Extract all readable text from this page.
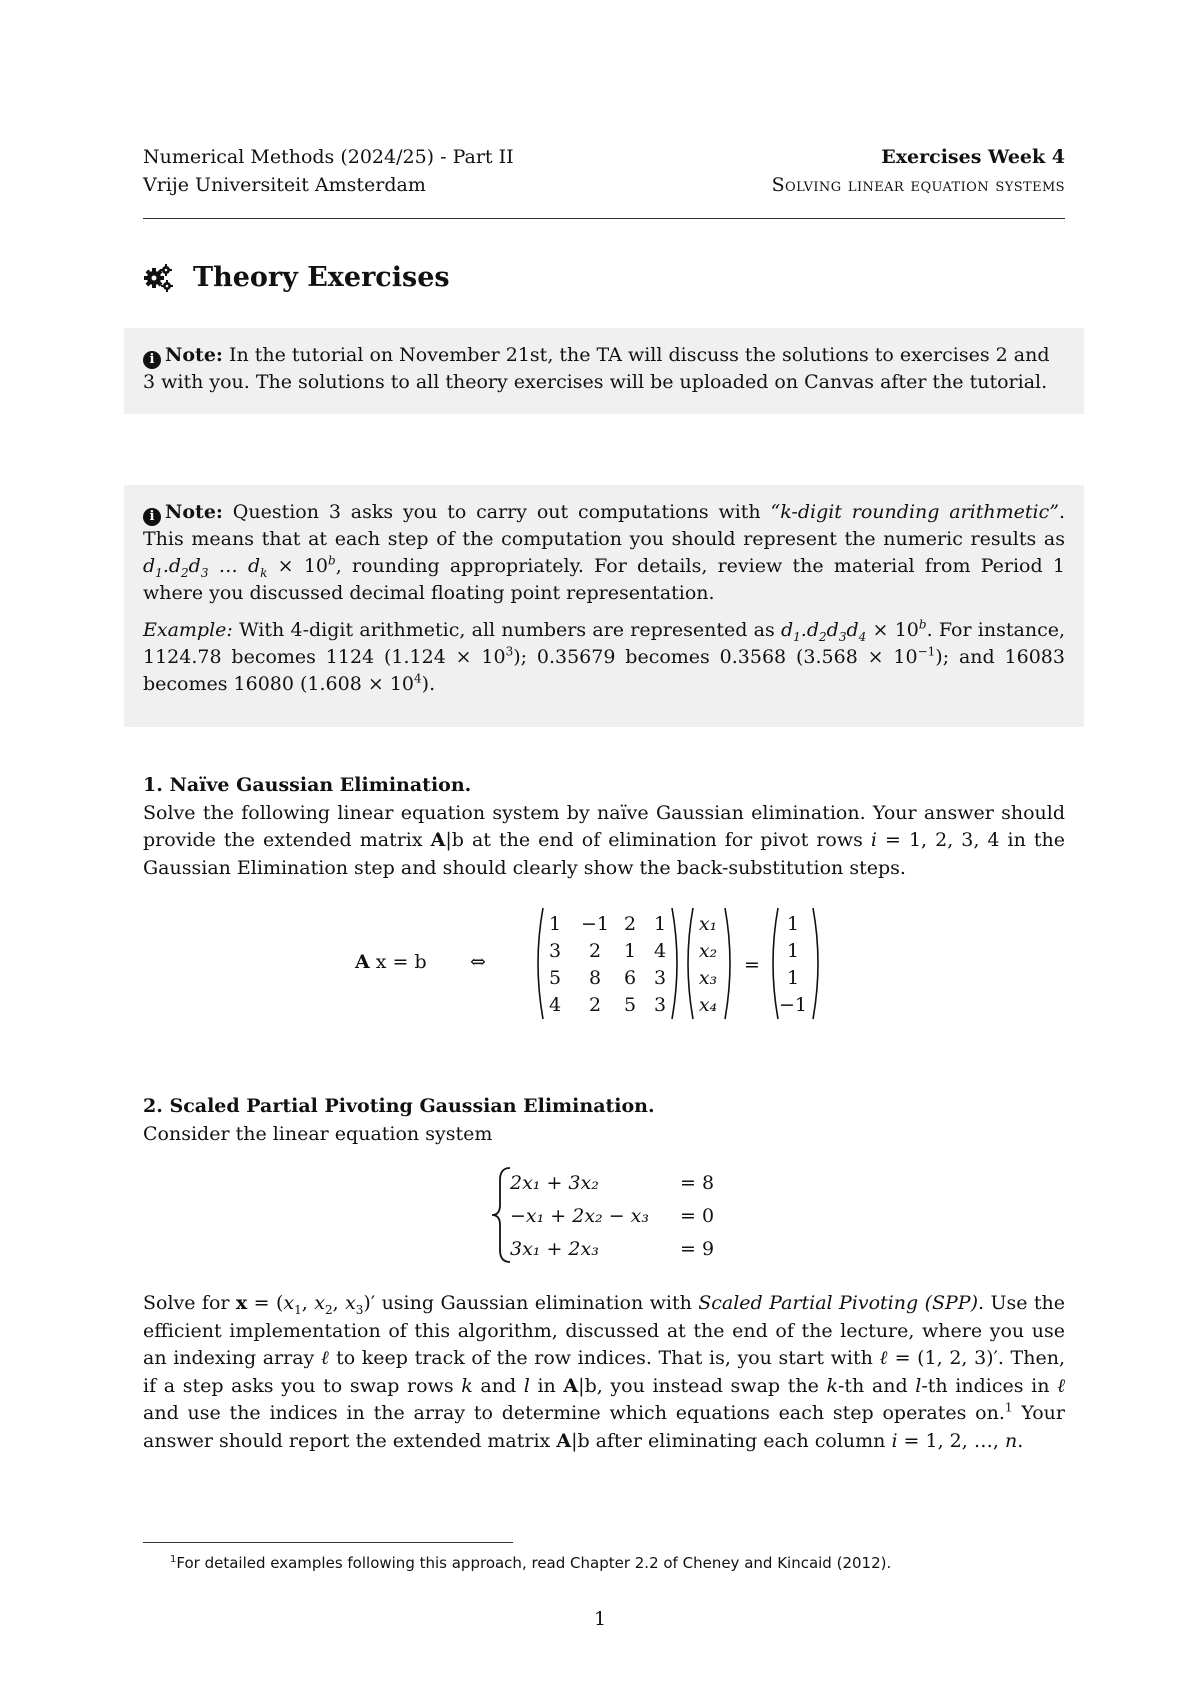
Numerical Methods (2024/25) - Part II
Vrije Universiteit Amsterdam
Exercises Week 4
Solving linear equation systems
Theory Exercises
i Note: In the tutorial on November 21st, the TA will discuss the solutions to exercises 2 and 3 with you. The solutions to all theory exercises will be uploaded on Canvas after the tutorial.
i Note: Question 3 asks you to carry out computations with “k-digit rounding arithmetic”. This means that at each step of the computation you should represent the numeric results as $d_1.d_2d_3$ … $d_k \times 10^b$, rounding appropriately. For details, review the material from Period 1 where you discussed decimal floating point representation.
Example: With 4-digit arithmetic, all numbers are represented as $d_1.d_2d_3d_4 \times 10^b$. For instance, 1124.78 becomes 1124 $(1.124 \times 10^3)$; 0.35679 becomes 0.3568 $(3.568 \times 10^{-1})$; and 16083 becomes 16080 $(1.608 \times 10^4)$.
1. Naïve Gaussian Elimination.
Solve the following linear equation system by naïve Gaussian elimination. Your answer should provide the extended matrix A|b at the end of elimination for pivot rows i = 1, 2, 3, 4 in the Gaussian Elimination step and should clearly show the back-substitution steps.
A x = b ⇔
1 −1 2 1
3 2 1 4
5 8 6 3
4 2 5 3
x₁
x₂
x₃
x₄
=
1
1
1
−1
2. Scaled Partial Pivoting Gaussian Elimination.
Consider the linear equation system
2x₁ + 3x₂	= 8
−x₁ + 2x₂ − x₃ = 0
3x₁ + 2x₃	= 9
Solve for $x = (x_1$, $x_2$, $x_3)'$ using Gaussian elimination with Scaled Partial Pivoting (SPP). Use the efficient implementation of this algorithm, discussed at the end of the lecture, where you use an indexing array ℓ to keep track of the row indices. That is, you start with ℓ = (1, 2, 3)′. Then, if a step asks you to swap rows k and l in A|b, you instead swap the k-th and l-th indices in ℓ and use the indices in the array to determine which equations each step operates on.$^1$ Your answer should report the extended matrix A|b after eliminating each column i = 1, 2, …, n.
$^1$For detailed examples following this approach, read Chapter 2.2 of Cheney and Kincaid (2012).
1
